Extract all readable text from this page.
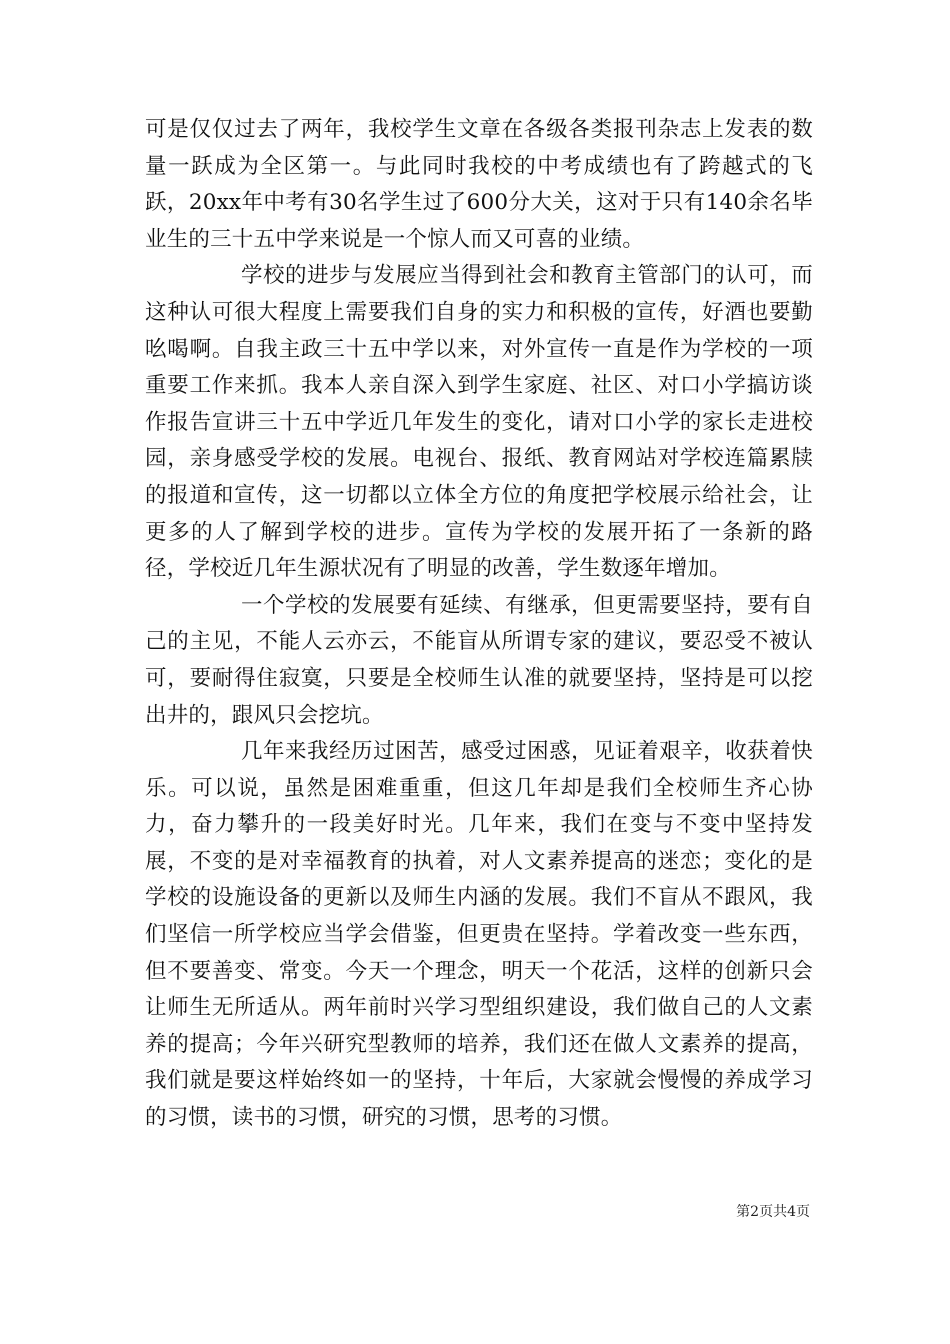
可是仅仅过去了两年，我校学生文章在各级各类报刊杂志上发表的数量一跃成为全区第一。与此同时我校的中考成绩也有了跨越式的飞跃，20xx年中考有30名学生过了600分大关，这对于只有140余名毕业生的三十五中学来说是一个惊人而又可喜的业绩。

学校的进步与发展应当得到社会和教育主管部门的认可，而这种认可很大程度上需要我们自身的实力和积极的宣传，好酒也要勤吆喝啊。自我主政三十五中学以来，对外宣传一直是作为学校的一项重要工作来抓。我本人亲自深入到学生家庭、社区、对口小学搞访谈作报告宣讲三十五中学近几年发生的变化，请对口小学的家长走进校园，亲身感受学校的发展。电视台、报纸、教育网站对学校连篇累牍的报道和宣传，这一切都以立体全方位的角度把学校展示给社会，让更多的人了解到学校的进步。宣传为学校的发展开拓了一条新的路径，学校近几年生源状况有了明显的改善，学生数逐年增加。

一个学校的发展要有延续、有继承，但更需要坚持，要有自己的主见，不能人云亦云，不能盲从所谓专家的建议，要忍受不被认可，要耐得住寂寞，只要是全校师生认准的就要坚持，坚持是可以挖出井的，跟风只会挖坑。

几年来我经历过困苦，感受过困惑，见证着艰辛，收获着快乐。可以说，虽然是困难重重，但这几年却是我们全校师生齐心协力，奋力攀升的一段美好时光。几年来，我们在变与不变中坚持发展，不变的是对幸福教育的执着，对人文素养提高的迷恋；变化的是学校的设施设备的更新以及师生内涵的发展。我们不盲从不跟风，我们坚信一所学校应当学会借鉴，但更贵在坚持。学着改变一些东西，但不要善变、常变。今天一个理念，明天一个花活，这样的创新只会让师生无所适从。两年前时兴学习型组织建设，我们做自己的人文素养的提高；今年兴研究型教师的培养，我们还在做人文素养的提高，我们就是要这样始终如一的坚持，十年后，大家就会慢慢的养成学习的习惯，读书的习惯，研究的习惯，思考的习惯。

第2页共4页
